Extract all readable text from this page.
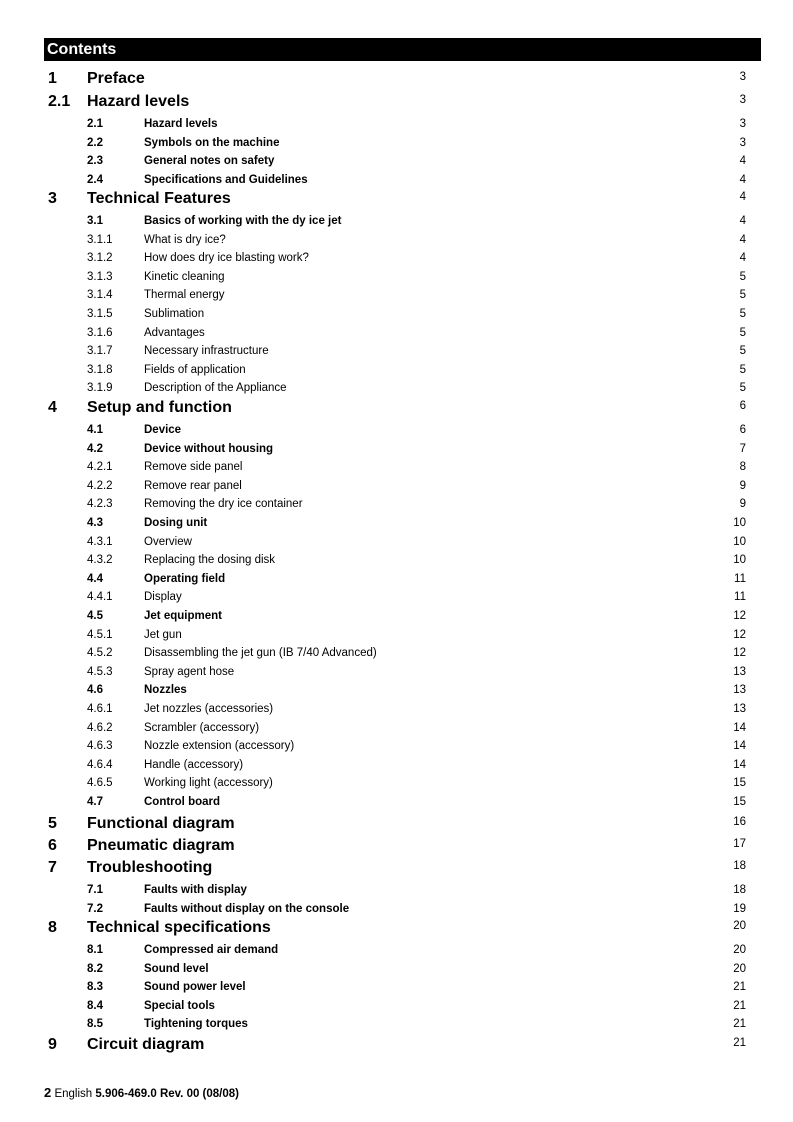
Contents
1 Preface	3
2.1 Hazard levels	3
2.1	Hazard levels	3
2.2	Symbols on the machine	3
2.3	General notes on safety	4
2.4	Specifications and Guidelines	4
3 Technical Features	4
3.1	Basics of working with the dy ice jet	4
3.1.1	What is dry ice?	4
3.1.2	How does dry ice blasting work?	4
3.1.3	Kinetic cleaning	5
3.1.4	Thermal energy	5
3.1.5	Sublimation	5
3.1.6	Advantages	5
3.1.7	Necessary infrastructure	5
3.1.8	Fields of application	5
3.1.9	Description of the Appliance	5
4 Setup and function	6
4.1	Device	6
4.2	Device without housing	7
4.2.1	Remove side panel	8
4.2.2	Remove rear panel	9
4.2.3	Removing the dry ice container	9
4.3	Dosing unit	10
4.3.1	Overview	10
4.3.2	Replacing the dosing disk	10
4.4	Operating field	11
4.4.1	Display	11
4.5	Jet equipment	12
4.5.1	Jet gun	12
4.5.2	Disassembling the jet gun (IB 7/40 Advanced)	12
4.5.3	Spray agent hose	13
4.6	Nozzles	13
4.6.1	Jet nozzles (accessories)	13
4.6.2	Scrambler (accessory)	14
4.6.3	Nozzle extension (accessory)	14
4.6.4	Handle (accessory)	14
4.6.5	Working light (accessory)	15
4.7	Control board	15
5 Functional diagram	16
6 Pneumatic diagram	17
7 Troubleshooting	18
7.1	Faults with display	18
7.2	Faults without display on the console	19
8 Technical specifications	20
8.1	Compressed air demand	20
8.2	Sound level	20
8.3	Sound power level	21
8.4	Special tools	21
8.5	Tightening torques	21
9 Circuit diagram	21
2 English 5.906-469.0 Rev. 00 (08/08)
